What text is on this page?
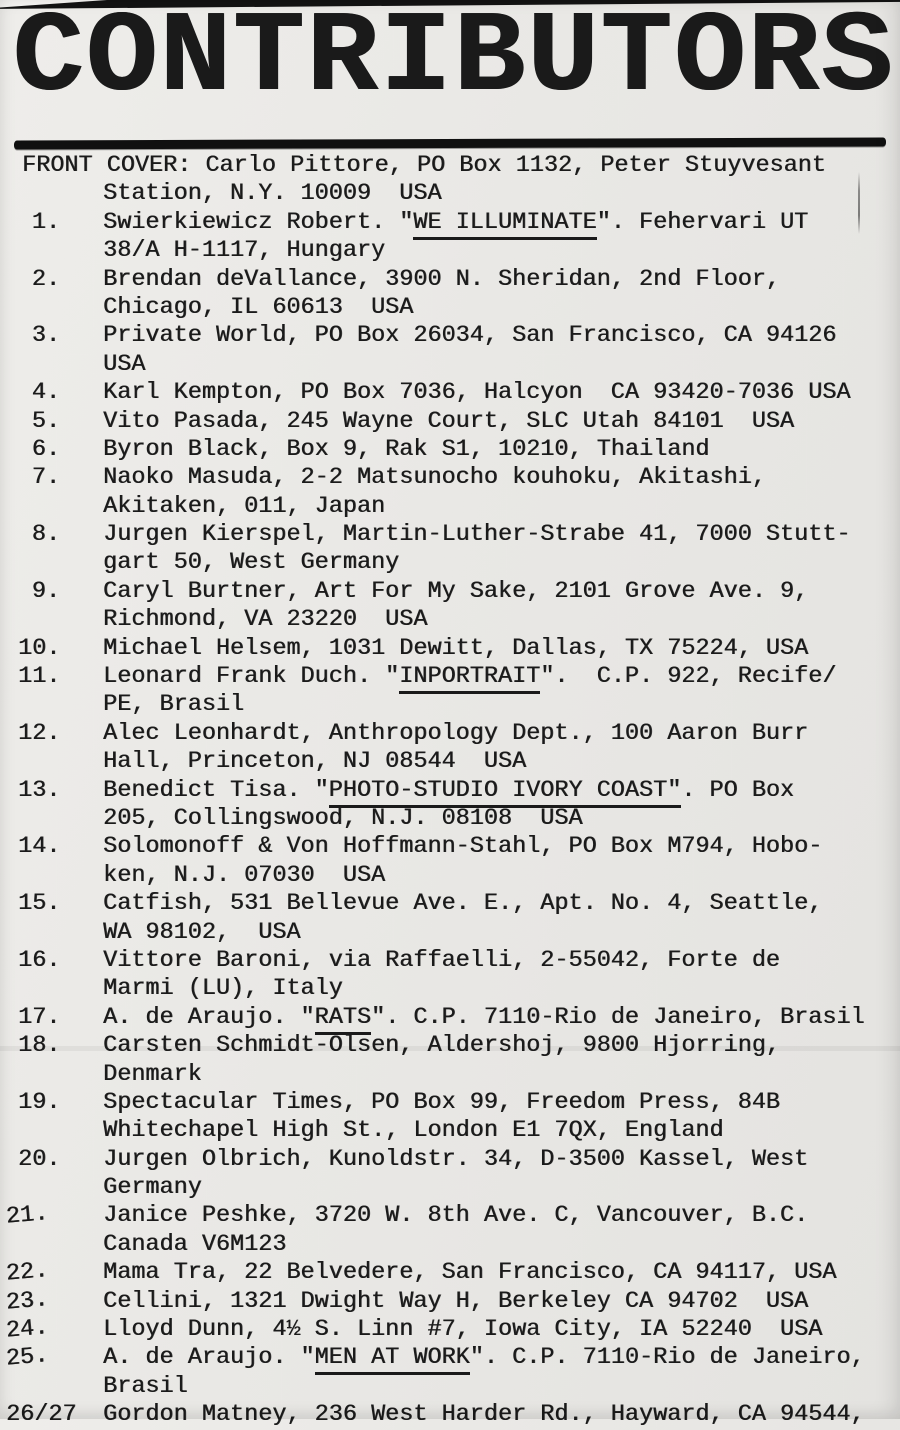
CONTRIBUTORS
FRONT COVER: Carlo Pittore, PO Box 1132, Peter Stuyvesant
Station, N.Y. 10009  USA
1. Swierkiewicz Robert. "WE ILLUMINATE". Fehervari UT
38/A H-1117, Hungary
2. Brendan deVallance, 3900 N. Sheridan, 2nd Floor,
Chicago, IL 60613  USA
3. Private World, PO Box 26034, San Francisco, CA 94126
USA
4. Karl Kempton, PO Box 7036, Halcyon  CA 93420-7036 USA
5. Vito Pasada, 245 Wayne Court, SLC Utah 84101  USA
6. Byron Black, Box 9, Rak S1, 10210, Thailand
7. Naoko Masuda, 2-2 Matsunocho kouhoku, Akitashi,
Akitaken, 011, Japan
8. Jurgen Kierspel, Martin-Luther-Strabe 41, 7000 Stutt-
gart 50, West Germany
9. Caryl Burtner, Art For My Sake, 2101 Grove Ave. 9,
Richmond, VA 23220  USA
10. Michael Helsem, 1031 Dewitt, Dallas, TX 75224, USA
11. Leonard Frank Duch. "INPORTRAIT".  C.P. 922, Recife/
PE, Brasil
12. Alec Leonhardt, Anthropology Dept., 100 Aaron Burr
Hall, Princeton, NJ 08544  USA
13. Benedict Tisa. "PHOTO-STUDIO IVORY COAST". PO Box
205, Collingswood, N.J. 08108  USA
14. Solomonoff & Von Hoffmann-Stahl, PO Box M794, Hobo-
ken, N.J. 07030  USA
15. Catfish, 531 Bellevue Ave. E., Apt. No. 4, Seattle,
WA 98102,  USA
16. Vittore Baroni, via Raffaelli, 2-55042, Forte de
Marmi (LU), Italy
17. A. de Araujo. "RATS". C.P. 7110-Rio de Janeiro, Brasil
18. Carsten Schmidt-Olsen, Aldershoj, 9800 Hjorring,
Denmark
19. Spectacular Times, PO Box 99, Freedom Press, 84B
Whitechapel High St., London E1 7QX, England
20. Jurgen Olbrich, Kunoldstr. 34, D-3500 Kassel, West
Germany
21. Janice Peshke, 3720 W. 8th Ave. C, Vancouver, B.C.
Canada V6M123
22. Mama Tra, 22 Belvedere, San Francisco, CA 94117, USA
23. Cellini, 1321 Dwight Way H, Berkeley CA 94702  USA
24. Lloyd Dunn, 4½ S. Linn #7, Iowa City, IA 52240  USA
25. A. de Araujo. "MEN AT WORK". C.P. 7110-Rio de Janeiro,
Brasil
26/27 Gordon Matney, 236 West Harder Rd., Hayward, CA 94544,
